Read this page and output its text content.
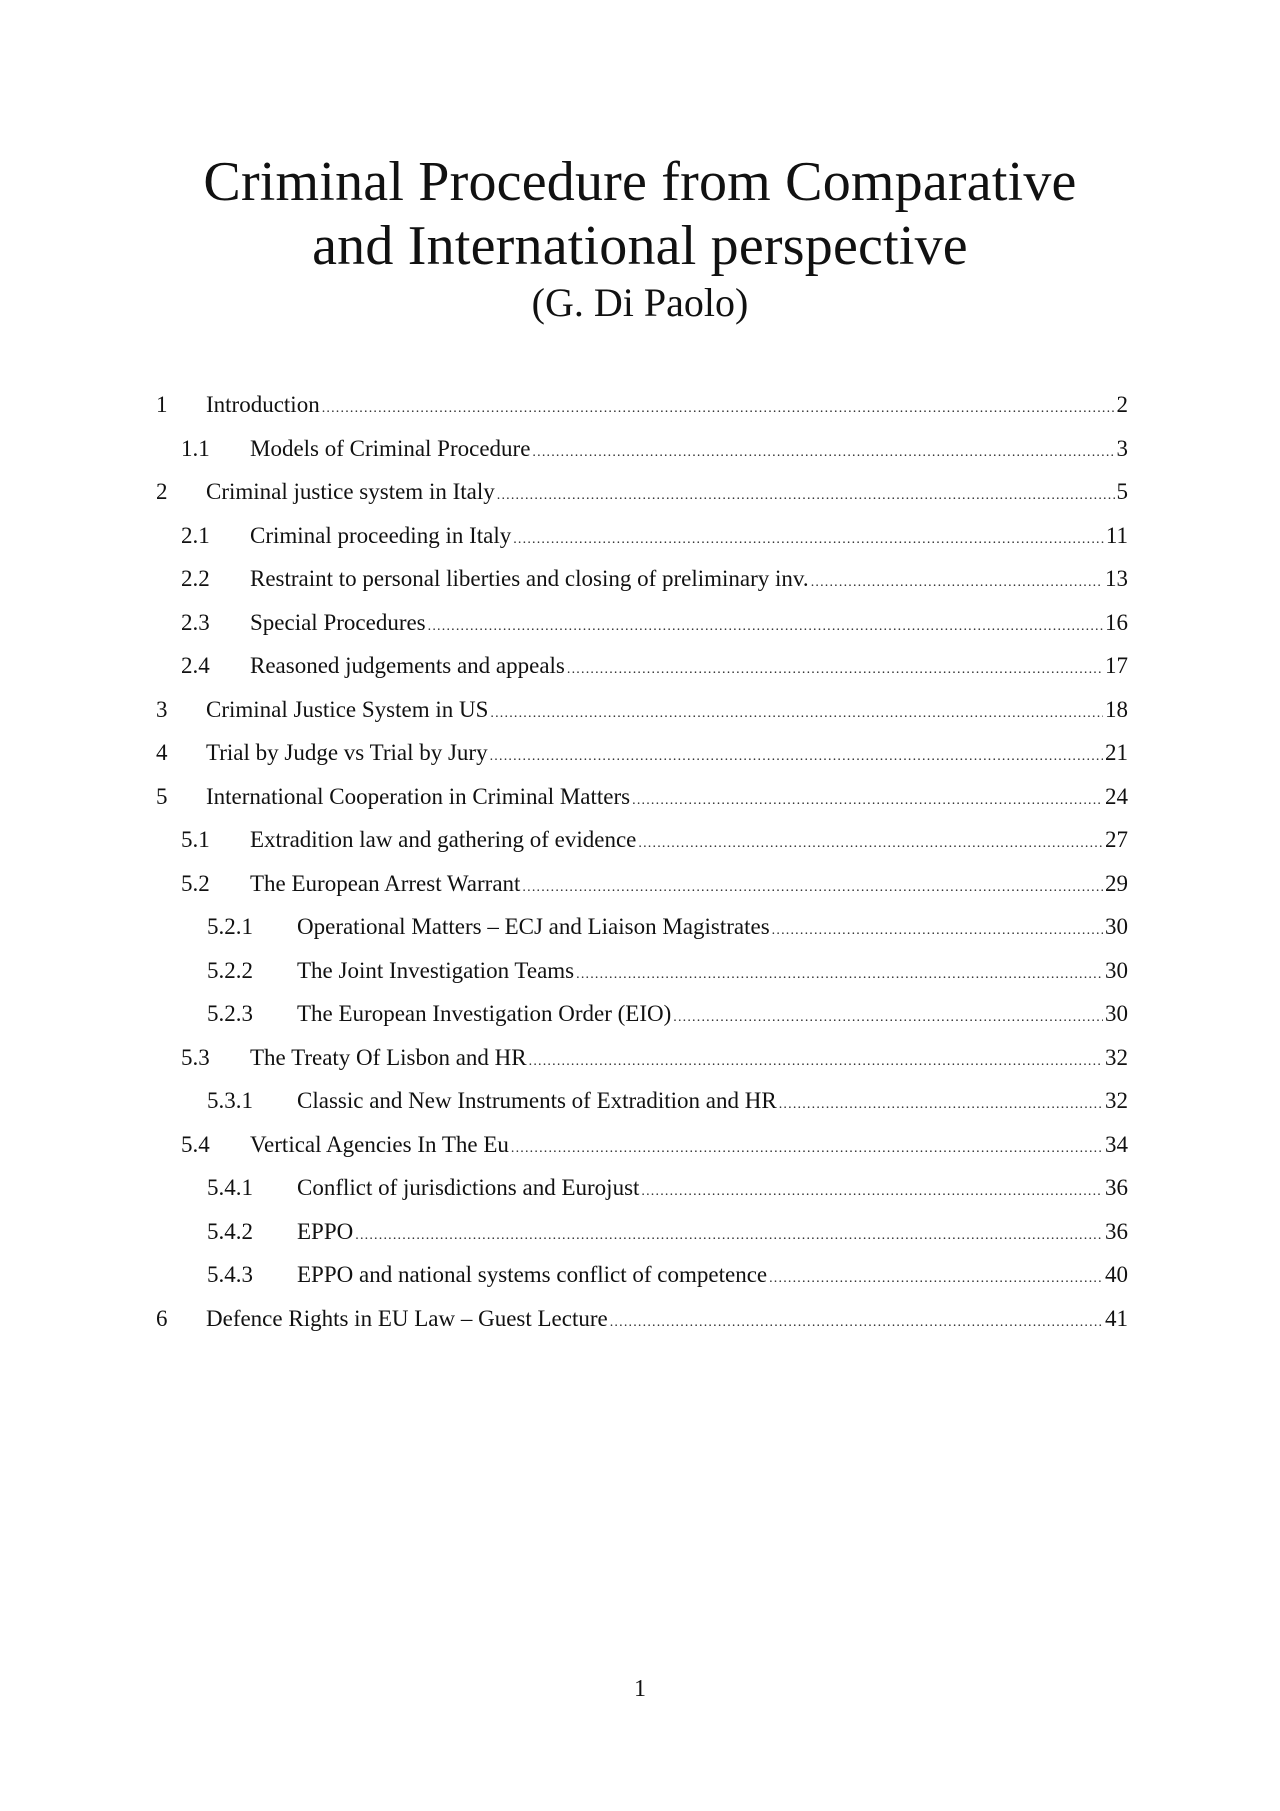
Criminal Procedure from Comparative

and International perspective

(G. Di Paolo)

1 Introduction .....	2
1.1 Models of Criminal Procedure .....	3
2 Criminal justice system in Italy .....	5
2.1 Criminal proceeding in Italy .....	11
2.2 Restraint to personal liberties and closing of preliminary inv. .....	13
2.3 Special Procedures .....	16
2.4 Reasoned judgements and appeals .....	17
3 Criminal Justice System in US .....	18
4 Trial by Judge vs Trial by Jury .....	21
5 International Cooperation in Criminal Matters .....	24
5.1 Extradition law and gathering of evidence .....	27
5.2 The European Arrest Warrant .....	29
5.2.1 Operational Matters – ECJ and Liaison Magistrates .....	30
5.2.2 The Joint Investigation Teams .....	30
5.2.3 The European Investigation Order (EIO) .....	30
5.3 The Treaty Of Lisbon and HR .....	32
5.3.1 Classic and New Instruments of Extradition and HR .....	32
5.4 Vertical Agencies In The Eu .....	34
5.4.1 Conflict of jurisdictions and Eurojust .....	36
5.4.2 EPPO .....	36
5.4.3 EPPO and national systems conflict of competence .....	40
6 Defence Rights in EU Law – Guest Lecture .....	41
1
